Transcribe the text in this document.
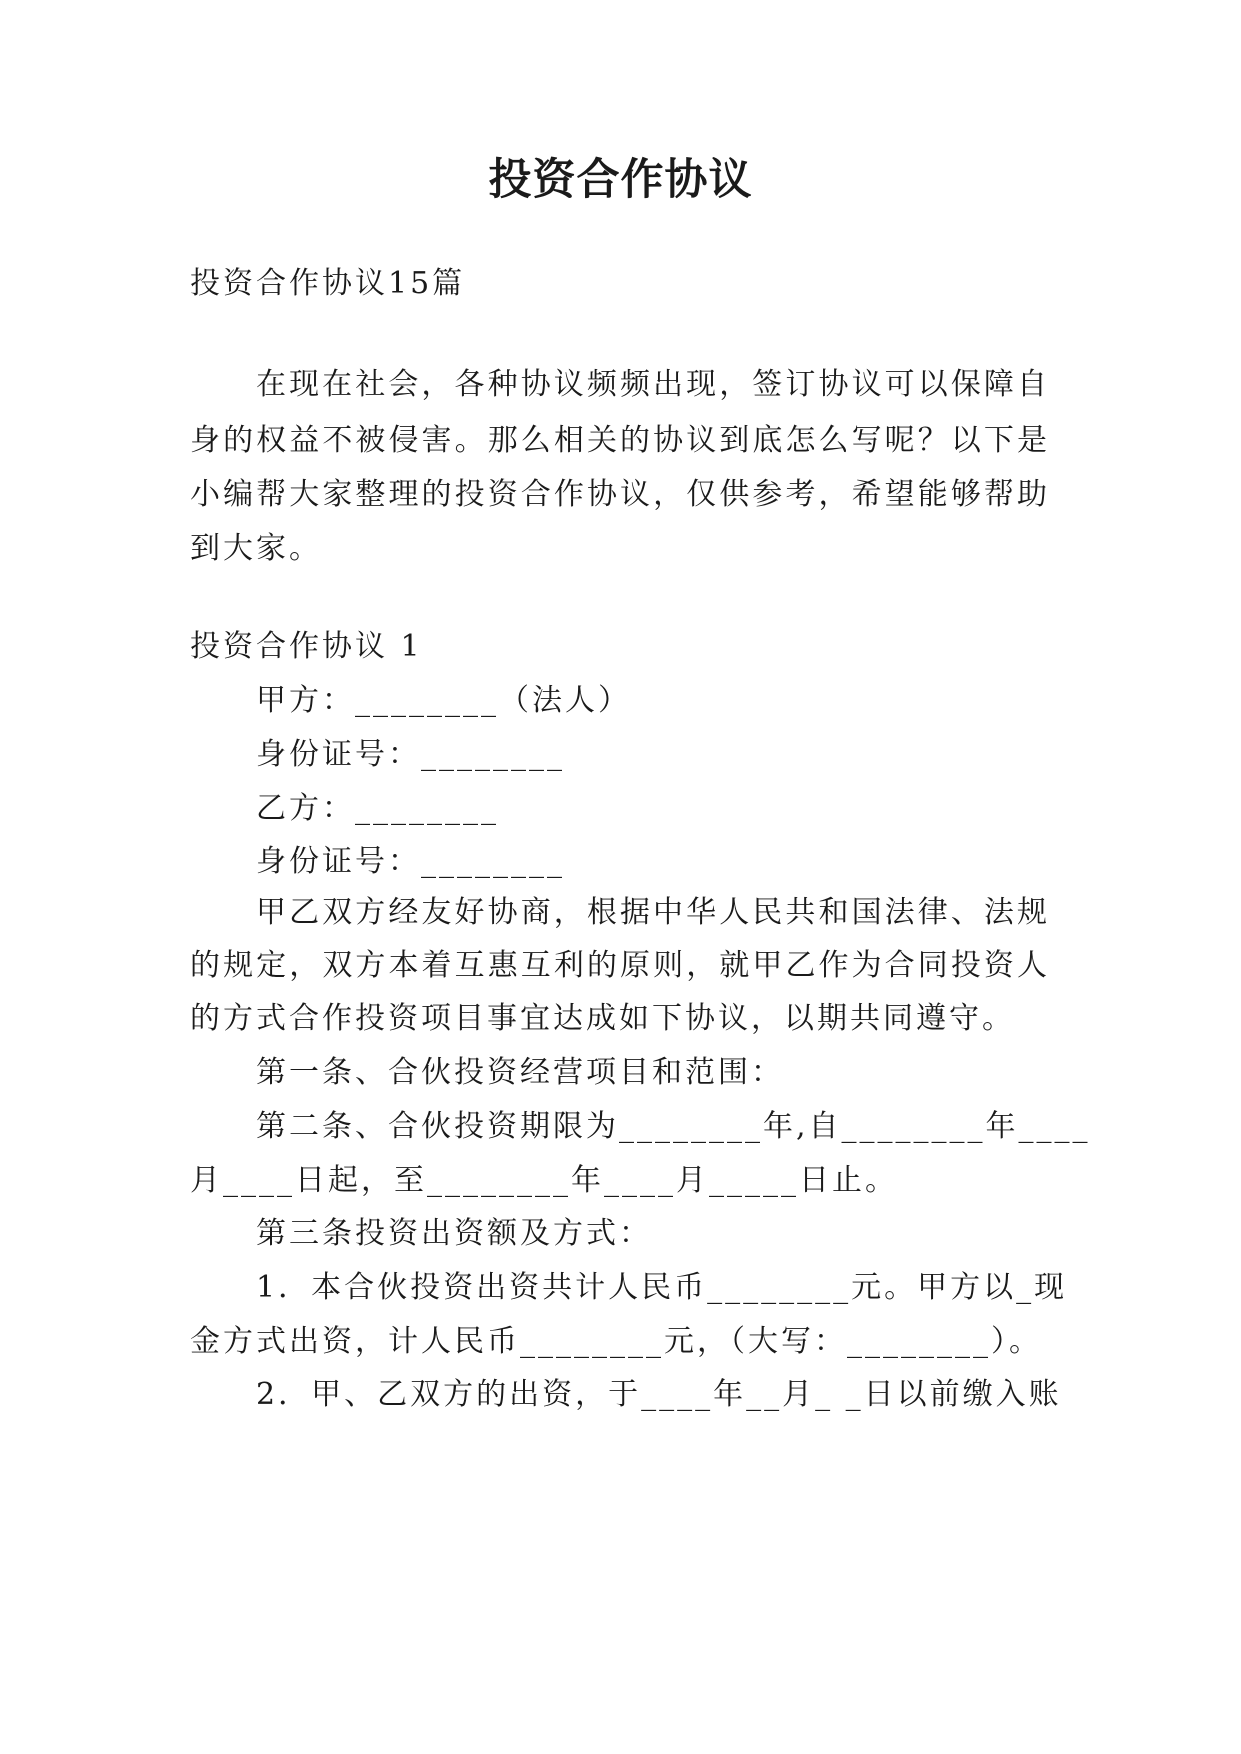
投资合作协议
投资合作协议15篇
在现在社会，各种协议频频出现，签订协议可以保障自
身的权益不被侵害。那么相关的协议到底怎么写呢？以下是
小编帮大家整理的投资合作协议，仅供参考，希望能够帮助
到大家。
投资合作协议 1
甲方：________（法人）
身份证号：________
乙方：________
身份证号：________
甲乙双方经友好协商，根据中华人民共和国法律、法规
的规定，双方本着互惠互利的原则，就甲乙作为合同投资人
的方式合作投资项目事宜达成如下协议，以期共同遵守。
第一条、合伙投资经营项目和范围：
第二条、合伙投资期限为________年,自________年____
月____日起，至________年____月_____日止。
第三条投资出资额及方式：
1．本合伙投资出资共计人民币________元。甲方以_现
金方式出资，计人民币________元，（大写：________）。
2．甲、乙双方的出资，于____年__月_ _日以前缴入账
